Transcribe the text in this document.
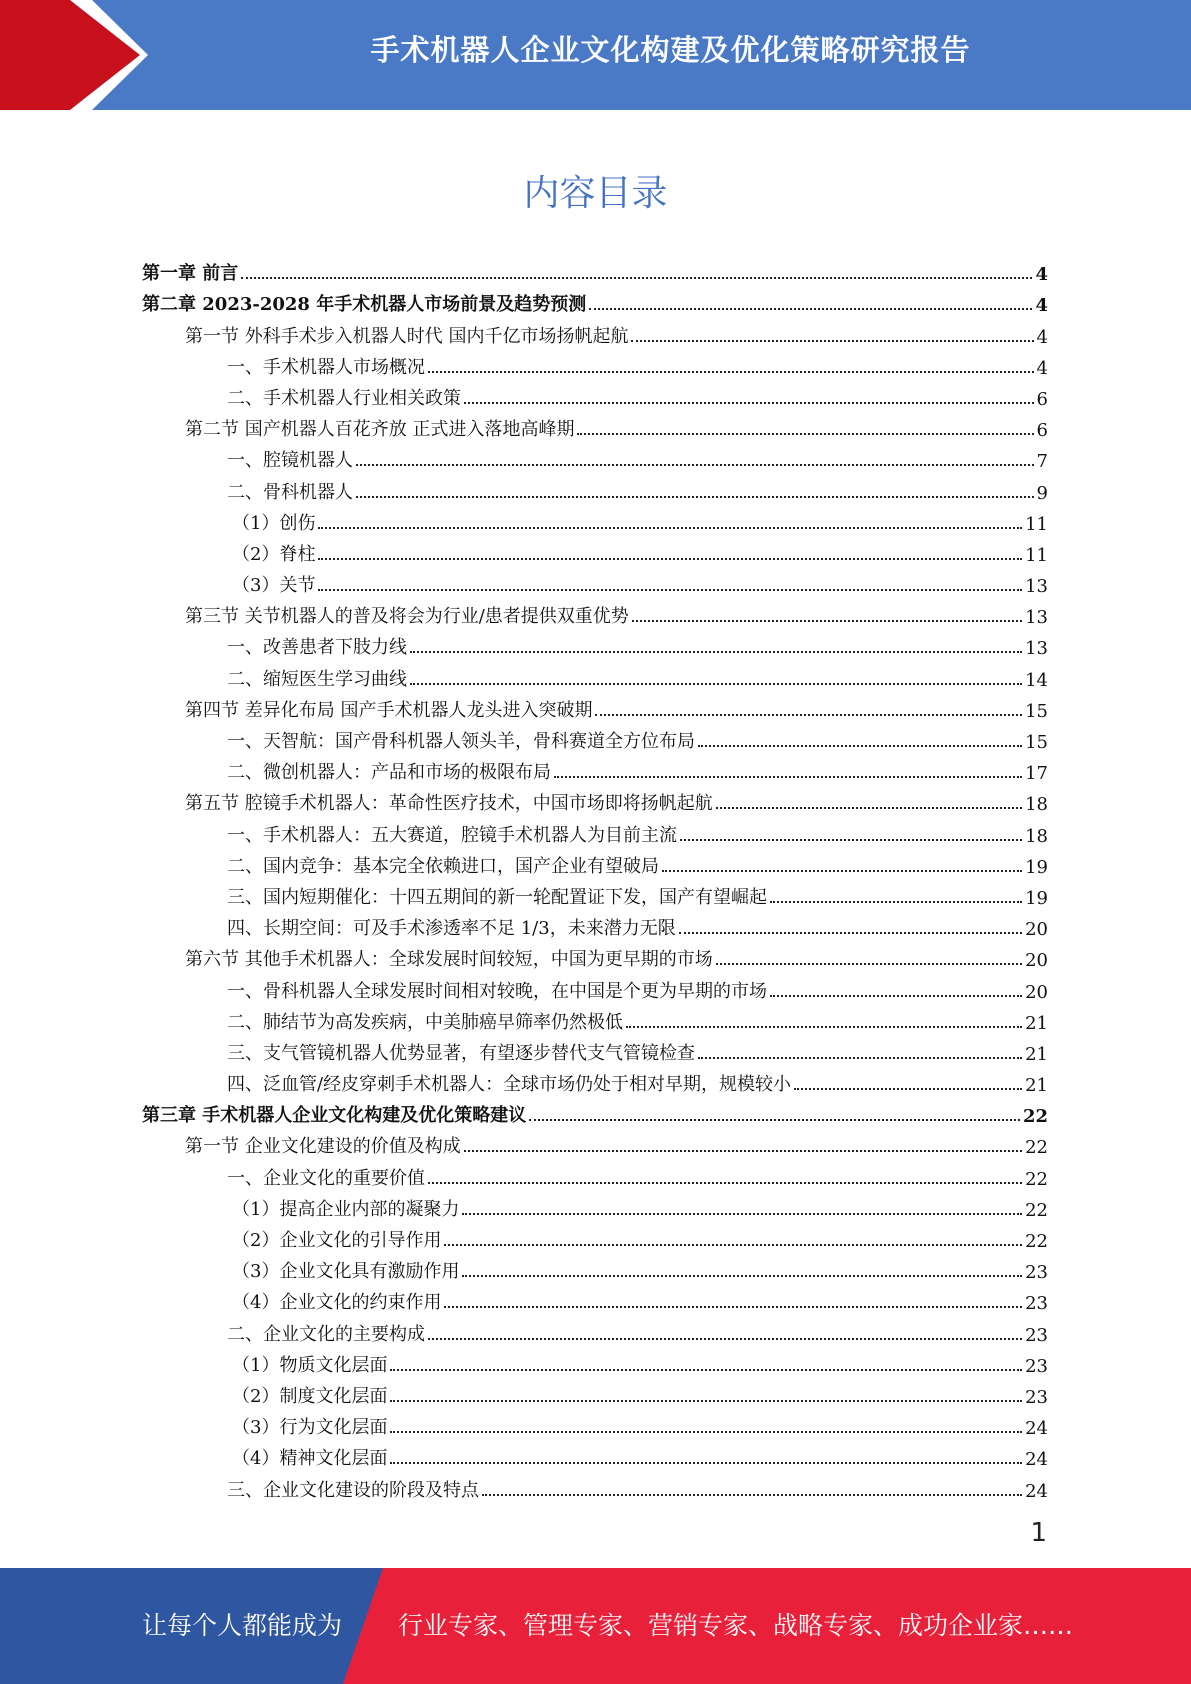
手术机器人企业文化构建及优化策略研究报告
内容目录
第一章 前言	4
第二章 2023-2028 年手术机器人市场前景及趋势预测	4
第一节 外科手术步入机器人时代 国内千亿市场扬帆起航	4
一、手术机器人市场概况	4
二、手术机器人行业相关政策	6
第二节 国产机器人百花齐放 正式进入落地高峰期	6
一、腔镜机器人	7
二、骨科机器人	9
（1）创伤	11
（2）脊柱	11
（3）关节	13
第三节 关节机器人的普及将会为行业/患者提供双重优势	13
一、改善患者下肢力线	13
二、缩短医生学习曲线	14
第四节 差异化布局 国产手术机器人龙头进入突破期	15
一、天智航：国产骨科机器人领头羊，骨科赛道全方位布局	15
二、微创机器人：产品和市场的极限布局	17
第五节 腔镜手术机器人：革命性医疗技术，中国市场即将扬帆起航	18
一、手术机器人：五大赛道，腔镜手术机器人为目前主流	18
二、国内竞争：基本完全依赖进口，国产企业有望破局	19
三、国内短期催化：十四五期间的新一轮配置证下发，国产有望崛起	19
四、长期空间：可及手术渗透率不足 1/3，未来潜力无限	20
第六节 其他手术机器人：全球发展时间较短，中国为更早期的市场	20
一、骨科机器人全球发展时间相对较晚，在中国是个更为早期的市场	20
二、肺结节为高发疾病，中美肺癌早筛率仍然极低	21
三、支气管镜机器人优势显著，有望逐步替代支气管镜检查	21
四、泛血管/经皮穿刺手术机器人：全球市场仍处于相对早期，规模较小	21
第三章 手术机器人企业文化构建及优化策略建议	22
第一节 企业文化建设的价值及构成	22
一、企业文化的重要价值	22
（1）提高企业内部的凝聚力	22
（2）企业文化的引导作用	22
（3）企业文化具有激励作用	23
（4）企业文化的约束作用	23
二、企业文化的主要构成	23
（1）物质文化层面	23
（2）制度文化层面	23
（3）行为文化层面	24
（4）精神文化层面	24
三、企业文化建设的阶段及特点	24
1
让每个人都能成为 行业专家、管理专家、营销专家、战略专家、成功企业家……
